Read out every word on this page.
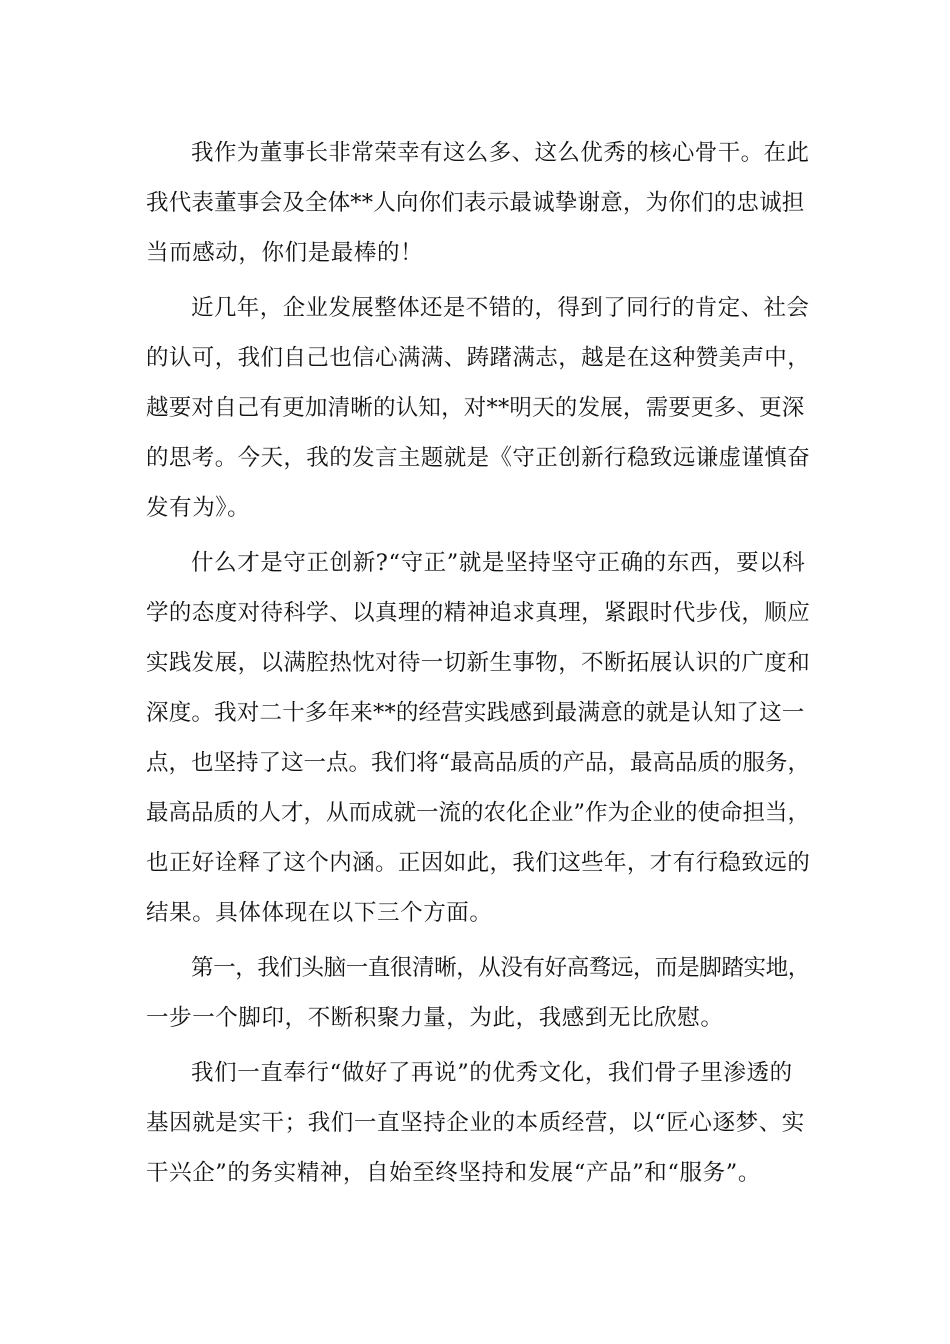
我作为董事长非常荣幸有这么多、这么优秀的核心骨干。在此
我代表董事会及全体**人向你们表示最诚挚谢意，为你们的忠诚担
当而感动，你们是最棒的！
近几年，企业发展整体还是不错的，得到了同行的肯定、社会
的认可，我们自己也信心满满、踌躇满志，越是在这种赞美声中，
越要对自己有更加清晰的认知，对**明天的发展，需要更多、更深
的思考。今天，我的发言主题就是《守正创新行稳致远谦虚谨慎奋
发有为》。
什么才是守正创新?“守正”就是坚持坚守正确的东西，要以科
学的态度对待科学、以真理的精神追求真理，紧跟时代步伐，顺应
实践发展，以满腔热忱对待一切新生事物，不断拓展认识的广度和
深度。我对二十多年来**的经营实践感到最满意的就是认知了这一
点，也坚持了这一点。我们将“最高品质的产品，最高品质的服务，
最高品质的人才，从而成就一流的农化企业”作为企业的使命担当，
也正好诠释了这个内涵。正因如此，我们这些年，才有行稳致远的
结果。具体体现在以下三个方面。
第一，我们头脑一直很清晰，从没有好高骛远，而是脚踏实地，
一步一个脚印，不断积聚力量，为此，我感到无比欣慰。
我们一直奉行“做好了再说”的优秀文化，我们骨子里渗透的
基因就是实干；我们一直坚持企业的本质经营，以“匠心逐梦、实
干兴企”的务实精神，自始至终坚持和发展“产品”和“服务”。
